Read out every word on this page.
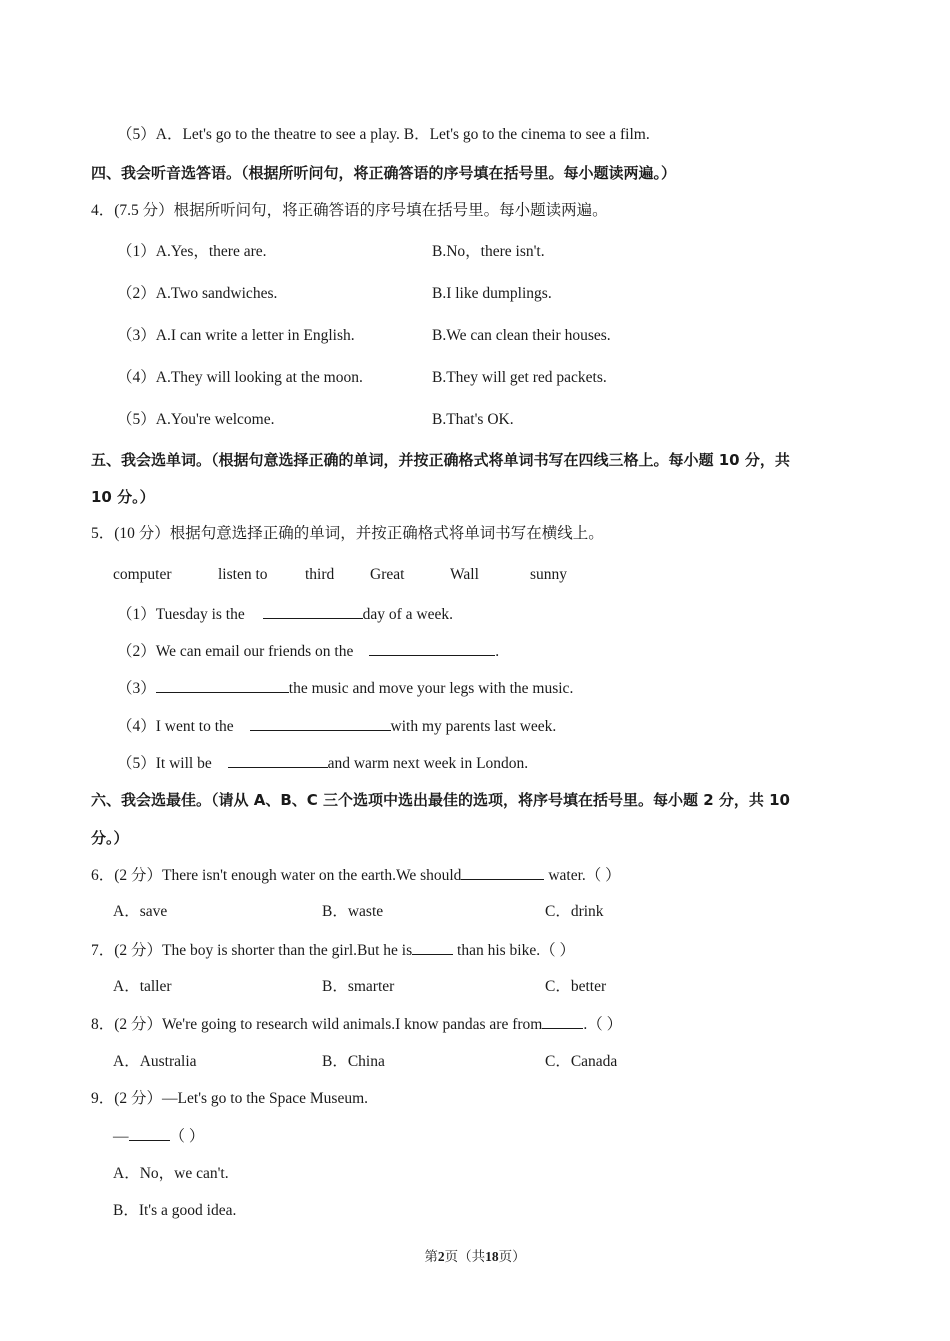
（5）A．Let's go to the theatre to see a play. B．Let's go to the cinema to see a film.
四、我会听音选答语。（根据所听问句，将正确答语的序号填在括号里。每小题读两遍。）
4．(7.5 分）根据所听问句，将正确答语的序号填在括号里。每小题读两遍。
（1）A.Yes，there are.	B.No，there isn't.
（2）A.Two sandwiches.	B.I like dumplings.
（3）A.I can write a letter in English.	B.We can clean their houses.
（4）A.They will looking at the moon.	B.They will get red packets.
（5）A.You're welcome.	B.That's OK.
五、我会选单词。（根据句意选择正确的单词，并按正确格式将单词书写在四线三格上。每小题 10 分，共
10 分。）
5．(10 分）根据句意选择正确的单词，并按正确格式将单词书写在横线上。
computer	listen to third Great	Wall	sunny
（1）Tuesday is the	day of a week.
（2）We can email our friends on the	.
（3）	the music and move your legs with the music.
（4）I went to the	with my parents last week.
（5）It will be	and warm next week in London.
六、我会选最佳。（请从 A、B、C 三个选项中选出最佳的选项，将序号填在括号里。每小题 2 分，共 10
分。）
6．(2 分）There isn't enough water on the earth.We should	water.（ ）
A．save	B．waste	C．drink
7．(2 分）The boy is shorter than the girl.But he is	than his bike.（ ）
A．taller	B．smarter	C．better
8．(2 分）We're going to research wild animals.I know pandas are from	.（ ）
A．Australia	B．China	C．Canada
9．(2 分）—Let's go to the Space Museum.
—	（ ）
A．No，we can't.
B．It's a good idea.
第2页（共18页）
